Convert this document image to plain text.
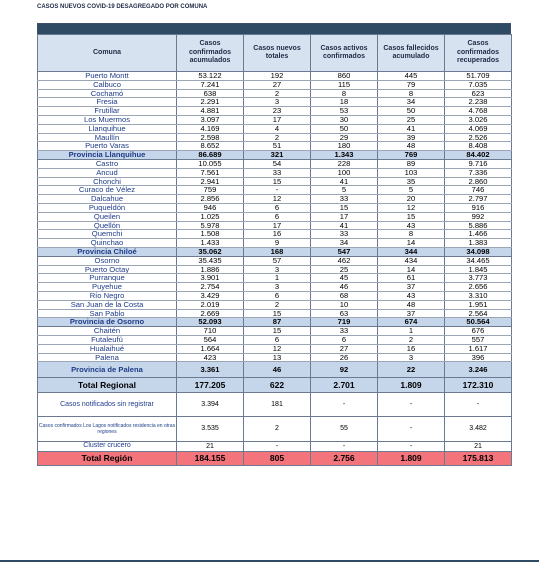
CASOS NUEVOS COVID-19 DESAGREGADO POR COMUNA
Comuna	Casos confirmados acumulados	Casos nuevos totales	Casos activos confirmados	Casos fallecidos acumulado	Casos confirmados recuperados
Puerto Montt	53.122	192	860	445	51.709
Calbuco	7.241	27	115	79	7.035
Cochamó	638	2	8	8	623
Fresia	2.291	3	18	34	2.238
Frutillar	4.881	23	53	50	4.768
Los Muermos	3.097	17	30	25	3.026
Llanquihue	4.169	4	50	41	4.069
Maullín	2.598	2	29	39	2.526
Puerto Varas	8.652	51	180	48	8.408
Provincia Llanquihue	86.689	321	1.343	769	84.402
Castro	10.055	54	228	89	9.716
Ancud	7.561	33	100	103	7.336
Chonchi	2.941	15	41	35	2.860
Curaco de Vélez	759	-	5	5	746
Dalcahue	2.856	12	33	20	2.797
Puqueldón	946	6	15	12	916
Queilen	1.025	6	17	15	992
Quellón	5.978	17	41	43	5.886
Quemchi	1.508	16	33	8	1.466
Quinchao	1.433	9	34	14	1.383
Provincia Chiloé	35.062	168	547	344	34.098
Osorno	35.435	57	462	434	34.465
Puerto Octay	1.886	3	25	14	1.845
Purranque	3.901	1	45	61	3.773
Puyehue	2.754	3	46	37	2.656
Río Negro	3.429	6	68	43	3.310
San Juan de la Costa	2.019	2	10	48	1.951
San Pablo	2.669	15	63	37	2.564
Provincia de Osorno	52.093	87	719	674	50.564
Chaitén	710	15	33	1	676
Futaleufú	564	6	6	2	557
Hualaihué	1.664	12	27	16	1.617
Palena	423	13	26	3	396
Provincia de Palena	3.361	46	92	22	3.246
Total Regional	177.205	622	2.701	1.809	172.310
Casos notificados sin registrar	3.394	181	-	-	-
Casos confirmados Los Lagos notificados residencia en otras regiones	3.535	2	55	-	3.482
Cluster crucero	21	-	-	-	21
Total Región	184.155	805	2.756	1.809	175.813
